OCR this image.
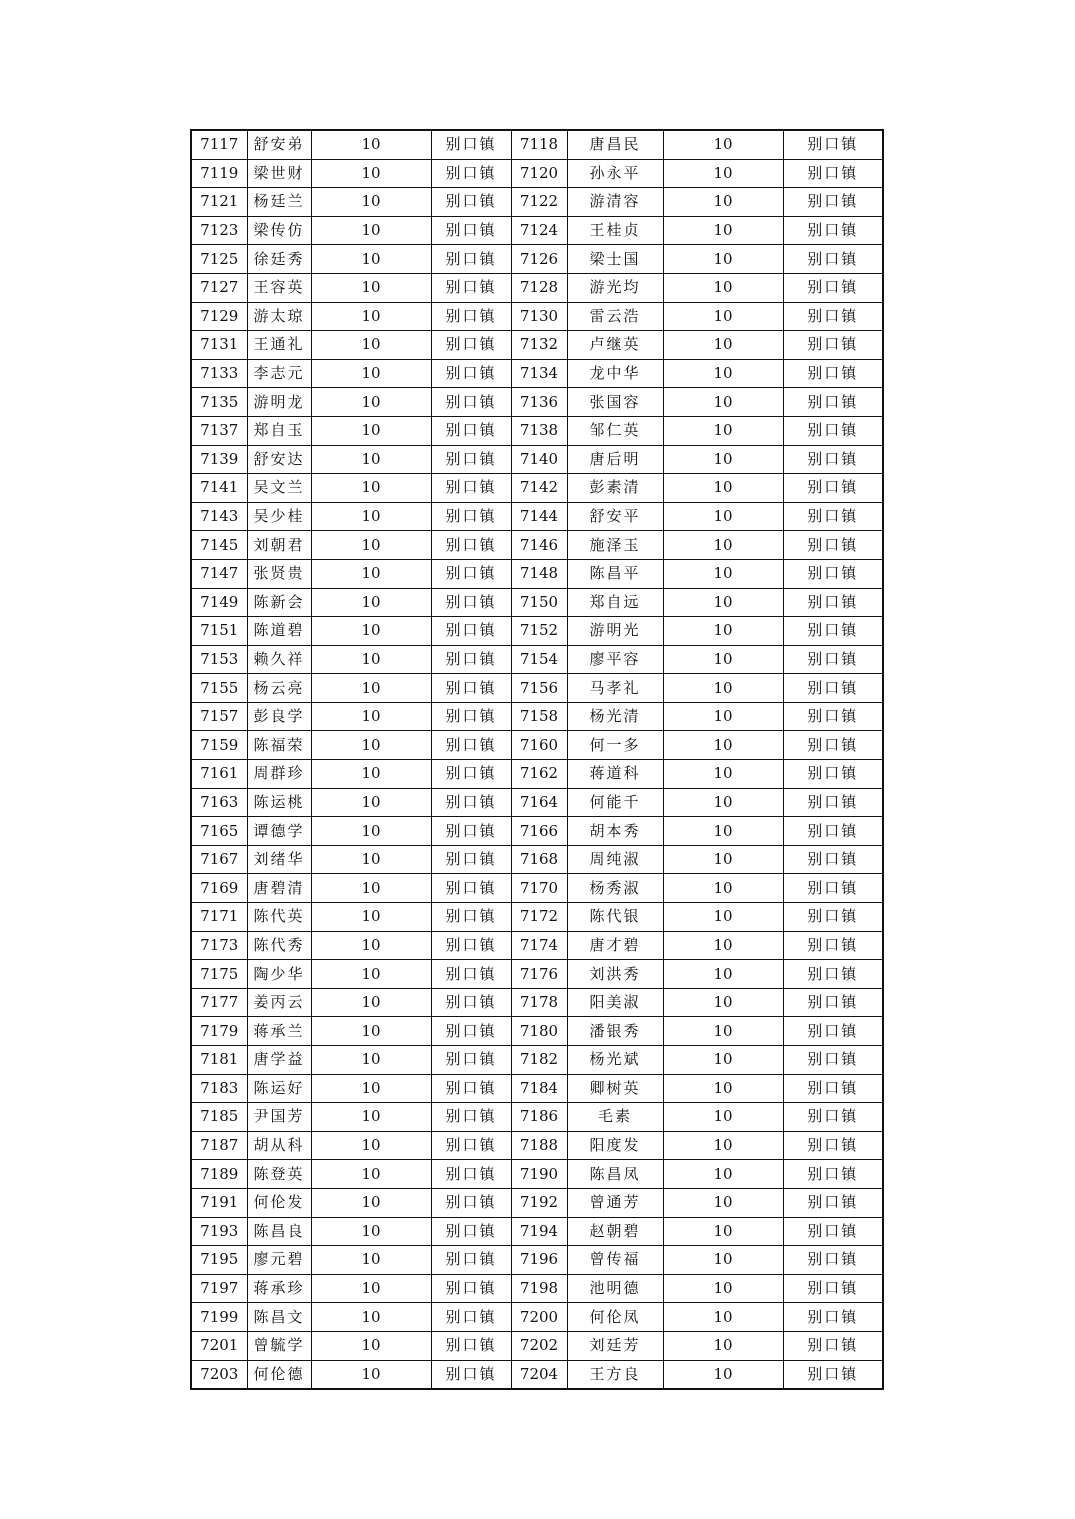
7117	舒安弟	10	别口镇	7118	唐昌民	10	别口镇
7119	梁世财	10	别口镇	7120	孙永平	10	别口镇
7121	杨廷兰	10	别口镇	7122	游清容	10	别口镇
7123	梁传仿	10	别口镇	7124	王桂贞	10	别口镇
7125	徐廷秀	10	别口镇	7126	梁士国	10	别口镇
7127	王容英	10	别口镇	7128	游光均	10	别口镇
7129	游太琼	10	别口镇	7130	雷云浩	10	别口镇
7131	王通礼	10	别口镇	7132	卢继英	10	别口镇
7133	李志元	10	别口镇	7134	龙中华	10	别口镇
7135	游明龙	10	别口镇	7136	张国容	10	别口镇
7137	郑自玉	10	别口镇	7138	邹仁英	10	别口镇
7139	舒安达	10	别口镇	7140	唐后明	10	别口镇
7141	吴文兰	10	别口镇	7142	彭素清	10	别口镇
7143	吴少桂	10	别口镇	7144	舒安平	10	别口镇
7145	刘朝君	10	别口镇	7146	施泽玉	10	别口镇
7147	张贤贵	10	别口镇	7148	陈昌平	10	别口镇
7149	陈新会	10	别口镇	7150	郑自远	10	别口镇
7151	陈道碧	10	别口镇	7152	游明光	10	别口镇
7153	赖久祥	10	别口镇	7154	廖平容	10	别口镇
7155	杨云亮	10	别口镇	7156	马孝礼	10	别口镇
7157	彭良学	10	别口镇	7158	杨光清	10	别口镇
7159	陈福荣	10	别口镇	7160	何一多	10	别口镇
7161	周群珍	10	别口镇	7162	蒋道科	10	别口镇
7163	陈运桃	10	别口镇	7164	何能千	10	别口镇
7165	谭德学	10	别口镇	7166	胡本秀	10	别口镇
7167	刘绪华	10	别口镇	7168	周纯淑	10	别口镇
7169	唐碧清	10	别口镇	7170	杨秀淑	10	别口镇
7171	陈代英	10	别口镇	7172	陈代银	10	别口镇
7173	陈代秀	10	别口镇	7174	唐才碧	10	别口镇
7175	陶少华	10	别口镇	7176	刘洪秀	10	别口镇
7177	姜丙云	10	别口镇	7178	阳美淑	10	别口镇
7179	蒋承兰	10	别口镇	7180	潘银秀	10	别口镇
7181	唐学益	10	别口镇	7182	杨光斌	10	别口镇
7183	陈运好	10	别口镇	7184	卿树英	10	别口镇
7185	尹国芳	10	别口镇	7186	毛素	10	别口镇
7187	胡从科	10	别口镇	7188	阳度发	10	别口镇
7189	陈登英	10	别口镇	7190	陈昌凤	10	别口镇
7191	何伦发	10	别口镇	7192	曾通芳	10	别口镇
7193	陈昌良	10	别口镇	7194	赵朝碧	10	别口镇
7195	廖元碧	10	别口镇	7196	曾传福	10	别口镇
7197	蒋承珍	10	别口镇	7198	池明德	10	别口镇
7199	陈昌文	10	别口镇	7200	何伦凤	10	别口镇
7201	曾毓学	10	别口镇	7202	刘廷芳	10	别口镇
7203	何伦德	10	别口镇	7204	王方良	10	别口镇
